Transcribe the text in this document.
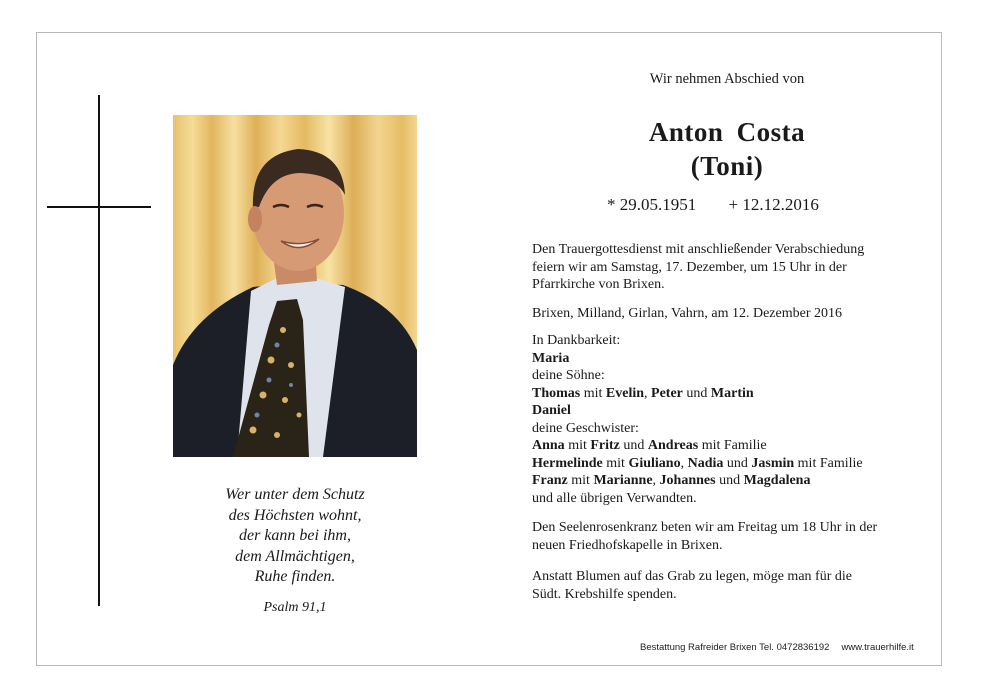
Wer unter dem Schutz
des Höchsten wohnt,
der kann bei ihm,
dem Allmächtigen,
Ruhe finden.
Psalm 91,1
Wir nehmen Abschied von
Anton Costa
(Toni)
* 29.05.1951 + 12.12.2016
Den Trauergottesdienst mit anschließender Verabschiedung
feiern wir am Samstag, 17. Dezember, um 15 Uhr in der
Pfarrkirche von Brixen.
Brixen, Milland, Girlan, Vahrn, am 12. Dezember 2016
In Dankbarkeit:
Maria
deine Söhne:
Thomas mit Evelin, Peter und Martin
Daniel
deine Geschwister:
Anna mit Fritz und Andreas mit Familie
Hermelinde mit Giuliano, Nadia und Jasmin mit Familie
Franz mit Marianne, Johannes und Magdalena
und alle übrigen Verwandten.
Den Seelenrosenkranz beten wir am Freitag um 18 Uhr in der
neuen Friedhofskapelle in Brixen.
Anstatt Blumen auf das Grab zu legen, möge man für die
Südt. Krebshilfe spenden.
Bestattung Rafreider Brixen Tel. 0472836192 www.trauerhilfe.it
